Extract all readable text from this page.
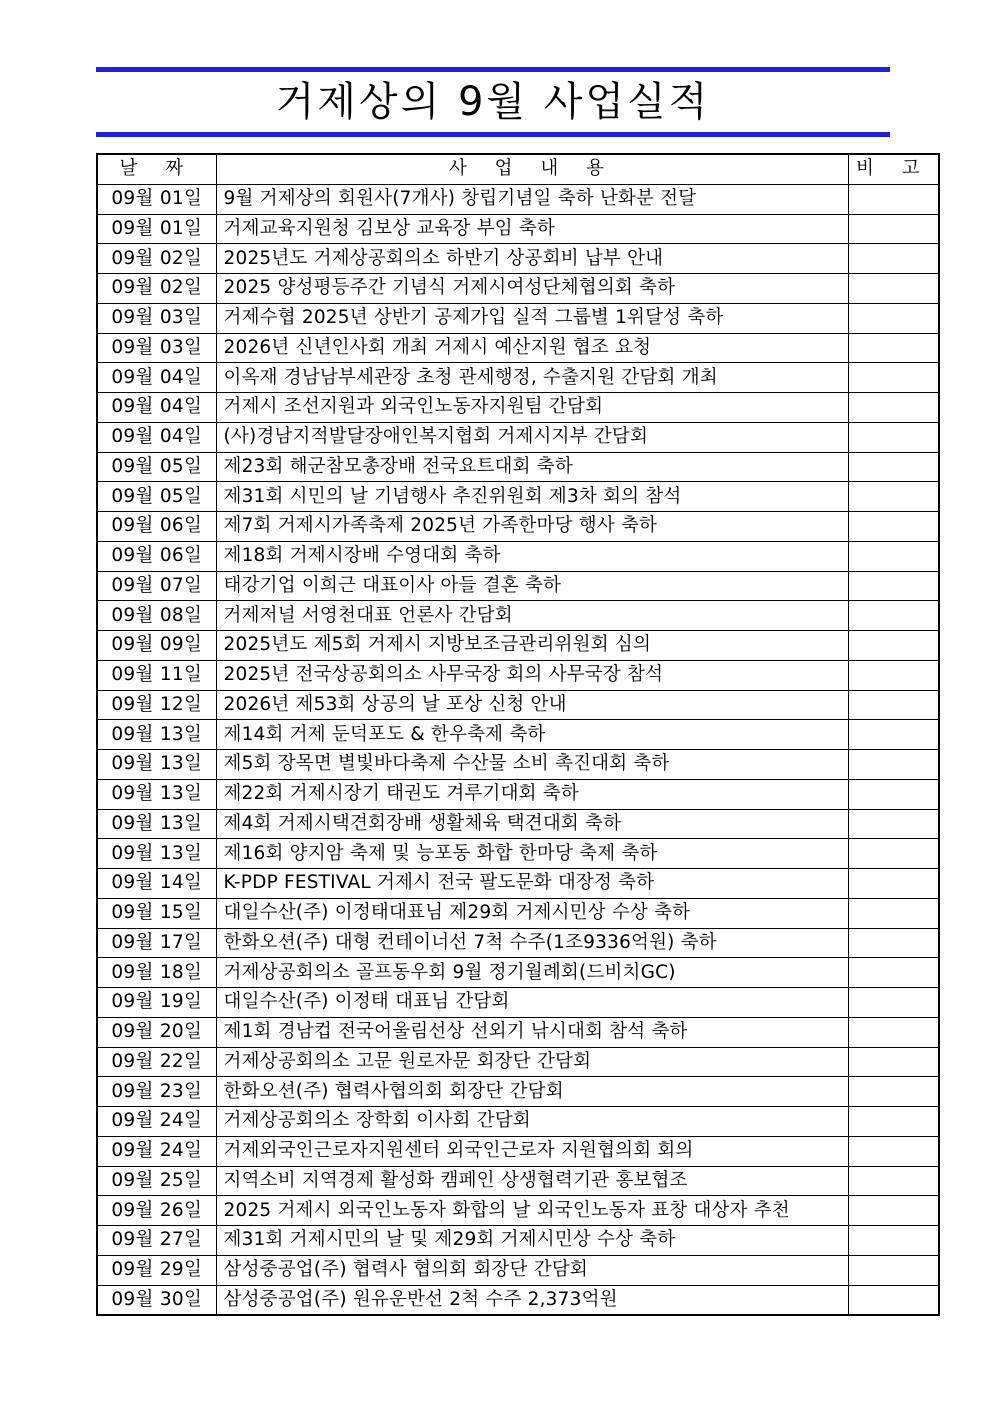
거제상의 9월 사업실적
날 짜	사 업 내 용	비 고
09월 01일	9월 거제상의 회원사(7개사) 창립기념일 축하 난화분 전달	
09월 01일	거제교육지원청 김보상 교육장 부임 축하	
09월 02일	2025년도 거제상공회의소 하반기 상공회비 납부 안내	
09월 02일	2025 양성평등주간 기념식 거제시여성단체협의회 축하	
09월 03일	거제수협 2025년 상반기 공제가입 실적 그룹별 1위달성 축하	
09월 03일	2026년 신년인사회 개최 거제시 예산지원 협조 요청	
09월 04일	이옥재 경남남부세관장 초청 관세행정, 수출지원 간담회 개최	
09월 04일	거제시 조선지원과 외국인노동자지원팀 간담회	
09월 04일	(사)경남지적발달장애인복지협회 거제시지부 간담회	
09월 05일	제23회 해군참모총장배 전국요트대회 축하	
09월 05일	제31회 시민의 날 기념행사 추진위원회 제3차 회의 참석	
09월 06일	제7회 거제시가족축제 2025년 가족한마당 행사 축하	
09월 06일	제18회 거제시장배 수영대회 축하	
09월 07일	태강기업 이희근 대표이사 아들 결혼 축하	
09월 08일	거제저널 서영천대표 언론사 간담회	
09월 09일	2025년도 제5회 거제시 지방보조금관리위원회 심의	
09월 11일	2025년 전국상공회의소 사무국장 회의 사무국장 참석	
09월 12일	2026년 제53회 상공의 날 포상 신청 안내	
09월 13일	제14회 거제 둔덕포도 & 한우축제 축하	
09월 13일	제5회 장목면 별빛바다축제 수산물 소비 촉진대회 축하	
09월 13일	제22회 거제시장기 태권도 겨루기대회 축하	
09월 13일	제4회 거제시택견회장배 생활체육 택견대회 축하	
09월 13일	제16회 양지암 축제 및 능포동 화합 한마당 축제 축하	
09월 14일	K-PDP FESTIVAL 거제시 전국 팔도문화 대장정 축하	
09월 15일	대일수산(주) 이정태대표님 제29회 거제시민상 수상 축하	
09월 17일	한화오션(주) 대형 컨테이너선 7척 수주(1조9336억원) 축하	
09월 18일	거제상공회의소 골프동우회 9월 정기월례회(드비치GC)	
09월 19일	대일수산(주) 이정태 대표님 간담회	
09월 20일	제1회 경남컵 전국어울림선상 선외기 낚시대회 참석 축하	
09월 22일	거제상공회의소 고문 원로자문 회장단 간담회	
09월 23일	한화오션(주) 협력사협의회 회장단 간담회	
09월 24일	거제상공회의소 장학회 이사회 간담회	
09월 24일	거제외국인근로자지원센터 외국인근로자 지원협의회 회의	
09월 25일	지역소비 지역경제 활성화 캠페인 상생협력기관 홍보협조	
09월 26일	2025 거제시 외국인노동자 화합의 날 외국인노동자 표창 대상자 추천	
09월 27일	제31회 거제시민의 날 및 제29회 거제시민상 수상 축하	
09월 29일	삼성중공업(주) 협력사 협의회 회장단 간담회	
09월 30일	삼성중공업(주) 원유운반선 2척 수주 2,373억원	
